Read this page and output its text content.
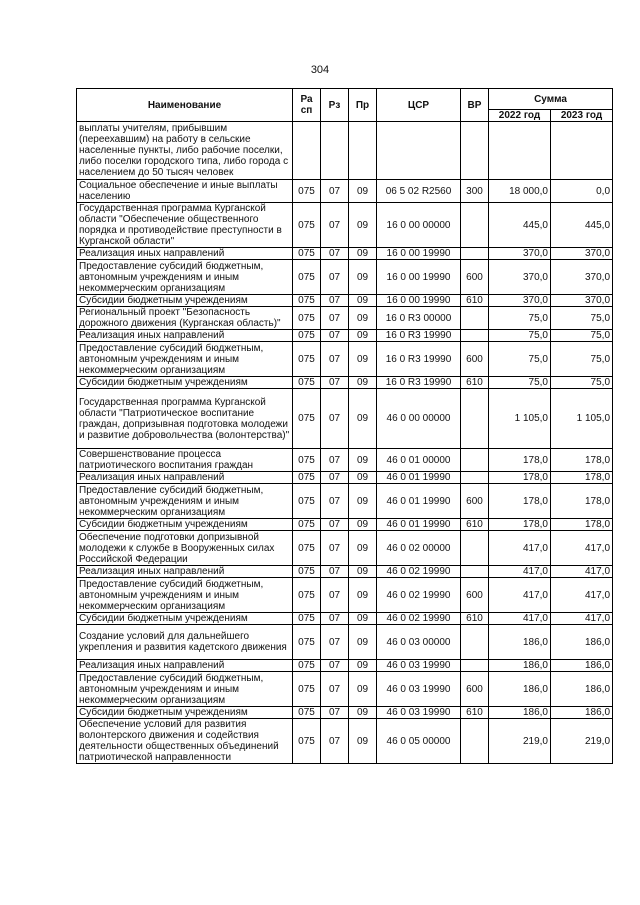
304
Наименование	Ра сп	Рз	Пр	ЦСР	ВР	Сумма	
						2022 год	2023 год
выплаты учителям, прибывшим (переехавшим) на работу в сельские населенные пункты, либо рабочие поселки, либо поселки городского типа, либо города с населением до 50 тысяч человек							
Социальное обеспечение и иные выплаты населению	075	07	09	06 5 02 R2560	300	18 000,0	0,0
Государственная программа Курганской области "Обеспечение общественного порядка и противодействие преступности в Курганской области"	075	07	09	16 0 00 00000		445,0	445,0
Реализация иных направлений	075	07	09	16 0 00 19990		370,0	370,0
Предоставление субсидий бюджетным, автономным учреждениям и иным некоммерческим организациям	075	07	09	16 0 00 19990	600	370,0	370,0
Субсидии бюджетным учреждениям	075	07	09	16 0 00 19990	610	370,0	370,0
Региональный проект "Безопасность дорожного движения (Курганская область)"	075	07	09	16 0 R3 00000		75,0	75,0
Реализация иных направлений	075	07	09	16 0 R3 19990		75,0	75,0
Предоставление субсидий бюджетным, автономным учреждениям и иным некоммерческим организациям	075	07	09	16 0 R3 19990	600	75,0	75,0
Субсидии бюджетным учреждениям	075	07	09	16 0 R3 19990	610	75,0	75,0
Государственная программа Курганской области "Патриотическое воспитание граждан, допризывная подготовка молодежи и развитие добровольчества (волонтерства)"	075	07	09	46 0 00 00000		1 105,0	1 105,0
Совершенствование процесса патриотического воспитания граждан	075	07	09	46 0 01 00000		178,0	178,0
Реализация иных направлений	075	07	09	46 0 01 19990		178,0	178,0
Предоставление субсидий бюджетным, автономным учреждениям и иным некоммерческим организациям	075	07	09	46 0 01 19990	600	178,0	178,0
Субсидии бюджетным учреждениям	075	07	09	46 0 01 19990	610	178,0	178,0
Обеспечение подготовки допризывной молодежи к службе в Вооруженных силах Российской Федерации	075	07	09	46 0 02 00000		417,0	417,0
Реализация иных направлений	075	07	09	46 0 02 19990		417,0	417,0
Предоставление субсидий бюджетным, автономным учреждениям и иным некоммерческим организациям	075	07	09	46 0 02 19990	600	417,0	417,0
Субсидии бюджетным учреждениям	075	07	09	46 0 02 19990	610	417,0	417,0
Создание условий для дальнейшего укрепления и развития кадетского движения	075	07	09	46 0 03 00000		186,0	186,0
Реализация иных направлений	075	07	09	46 0 03 19990		186,0	186,0
Предоставление субсидий бюджетным, автономным учреждениям и иным некоммерческим организациям	075	07	09	46 0 03 19990	600	186,0	186,0
Субсидии бюджетным учреждениям	075	07	09	46 0 03 19990	610	186,0	186,0
Обеспечение условий для развития волонтерского движения и содействия деятельности общественных объединений патриотической направленности	075	07	09	46 0 05 00000		219,0	219,0
